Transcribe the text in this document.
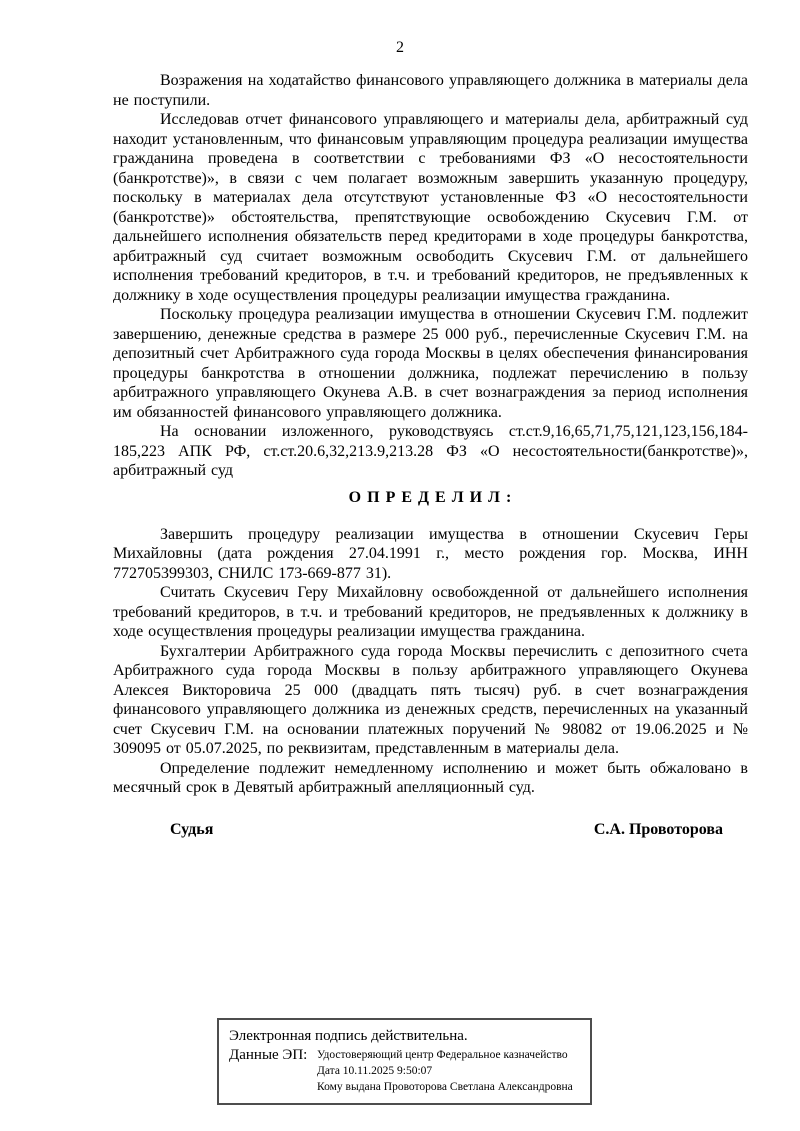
2

Возражения на ходатайство финансового управляющего должника в материалы дела не поступили.

Исследовав отчет финансового управляющего и материалы дела, арбитражный суд находит установленным, что финансовым управляющим процедура реализации имущества гражданина проведена в соответствии с требованиями ФЗ «О несостоятельности (банкротстве)», в связи с чем полагает возможным завершить указанную процедуру, поскольку в материалах дела отсутствуют установленные ФЗ «О несостоятельности (банкротстве)» обстоятельства, препятствующие освобождению Скусевич Г.М. от дальнейшего исполнения обязательств перед кредиторами в ходе процедуры банкротства, арбитражный суд считает возможным освободить Скусевич Г.М. от дальнейшего исполнения требований кредиторов, в т.ч. и требований кредиторов, не предъявленных к должнику в ходе осуществления процедуры реализации имущества гражданина.

Поскольку процедура реализации имущества в отношении Скусевич Г.М. подлежит завершению, денежные средства в размере 25 000 руб., перечисленные Скусевич Г.М. на депозитный счет Арбитражного суда города Москвы в целях обеспечения финансирования процедуры банкротства в отношении должника, подлежат перечислению в пользу арбитражного управляющего Окунева А.В. в счет вознаграждения за период исполнения им обязанностей финансового управляющего должника.

На основании изложенного, руководствуясь ст.ст.9,16,65,71,75,121,123,156,184-185,223 АПК РФ, ст.ст.20.6,32,213.9,213.28 ФЗ «О несостоятельности(банкротстве)», арбитражный суд

О П Р Е Д Е Л И Л :

Завершить процедуру реализации имущества в отношении Скусевич Геры Михайловны (дата рождения 27.04.1991 г., место рождения гор. Москва, ИНН 772705399303, СНИЛС 173-669-877 31).

Считать Скусевич Геру Михайловну освобожденной от дальнейшего исполнения требований кредиторов, в т.ч. и требований кредиторов, не предъявленных к должнику в ходе осуществления процедуры реализации имущества гражданина.

Бухгалтерии Арбитражного суда города Москвы перечислить с депозитного счета Арбитражного суда города Москвы в пользу арбитражного управляющего Окунева Алексея Викторовича 25 000 (двадцать пять тысяч) руб. в счет вознаграждения финансового управляющего должника из денежных средств, перечисленных на указанный счет Скусевич Г.М. на основании платежных поручений № 98082 от 19.06.2025 и № 309095 от 05.07.2025, по реквизитам, представленным в материалы дела.

Определение подлежит немедленному исполнению и может быть обжаловано в месячный срок в Девятый арбитражный апелляционный суд.

Судья	С.А. Провоторова
Электронная подпись действительна.
Данные ЭП: Удостоверяющий центр Федеральное казначейство
Дата 10.11.2025 9:50:07
Кому выдана Провоторова Светлана Александровна
